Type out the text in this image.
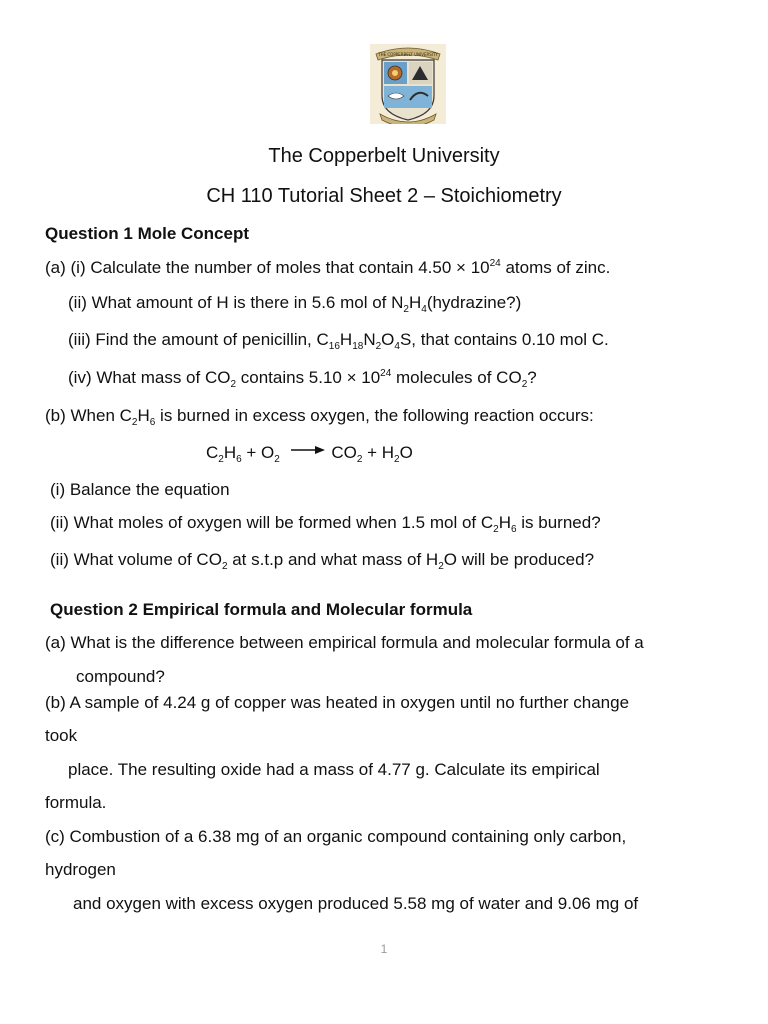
THE COPPERBELT UNIVERSITY
The Copperbelt University
CH 110 Tutorial Sheet 2 – Stoichiometry
Question 1 Mole Concept
(a) (i) Calculate the number of moles that contain $4.50 \times 10^{24}$ atoms of zinc.
(ii) What amount of H is there in 5.6 mol of $N_2H_4(hydrazine?)$
(iii) Find the amount of penicillin, $C_{16}H_{18}N_2O_4S$, that contains 0.10 mol C.
(iv) What mass of $CO_2$ contains $5.10 \times 10^{24}$ molecules of $CO_2$?
(b) When $C_2H_6$ is burned in excess oxygen, the following reaction occurs:
$C_2H_6 + O_2 \to CO_2 + H_2O$
(i) Balance the equation
(ii) What moles of oxygen will be formed when 1.5 mol of $C_2H_6$ is burned?
(ii) What volume of $CO_2$ at s.t.p and what mass of $H_2O$ will be produced?
Question 2 Empirical formula and Molecular formula
(a) What is the difference between empirical formula and molecular formula of a
compound?
(b) A sample of 4.24 g of copper was heated in oxygen until no further change
took
place. The resulting oxide had a mass of 4.77 g. Calculate its empirical
formula.
(c) Combustion of a 6.38 mg of an organic compound containing only carbon,
hydrogen
and oxygen with excess oxygen produced 5.58 mg of water and 9.06 mg of
1
